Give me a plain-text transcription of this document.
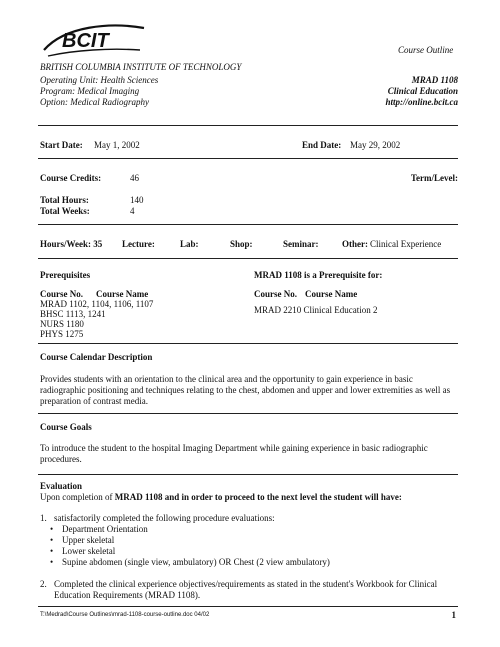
BCIT	Course Outline
BRITISH COLUMBIA INSTITUTE OF TECHNOLOGY
Operating Unit: Health Sciences
Program: Medical Imaging
Option: Medical Radiography
MRAD 1108
Clinical Education
http://online.bcit.ca
Start Date: May 1, 2002	End Date: May 29, 2002
Course Credits:	46	Term/Level:
Total Hours:	140
Total Weeks:	4
Hours/Week: 35 Lecture:	Lab:	Shop:	Seminar:	Other: Clinical Experience
Prerequisites
Course No. Course Name
MRAD 1102, 1104, 1106, 1107
BHSC 1113, 1241
NURS 1180
PHYS 1275
MRAD 1108 is a Prerequisite for:
Course No. Course Name
MRAD 2210 Clinical Education 2
Course Calendar Description
Provides students with an orientation to the clinical area and the opportunity to gain experience in basic radiographic positioning and techniques relating to the chest, abdomen and upper and lower extremities as well as preparation of contrast media.
Course Goals
To introduce the student to the hospital Imaging Department while gaining experience in basic radiographic procedures.
Evaluation
Upon completion of MRAD 1108 and in order to proceed to the next level the student will have:
1. satisfactorily completed the following procedure evaluations:
• Department Orientation
• Upper skeletal
• Lower skeletal
• Supine abdomen (single view, ambulatory) OR Chest (2 view ambulatory)
2. Completed the clinical experience objectives/requirements as stated in the student's Workbook for Clinical Education Requirements (MRAD 1108).
T:\Medrad\Course Outlines\mrad-1108-course-outline.doc 04/02	1
